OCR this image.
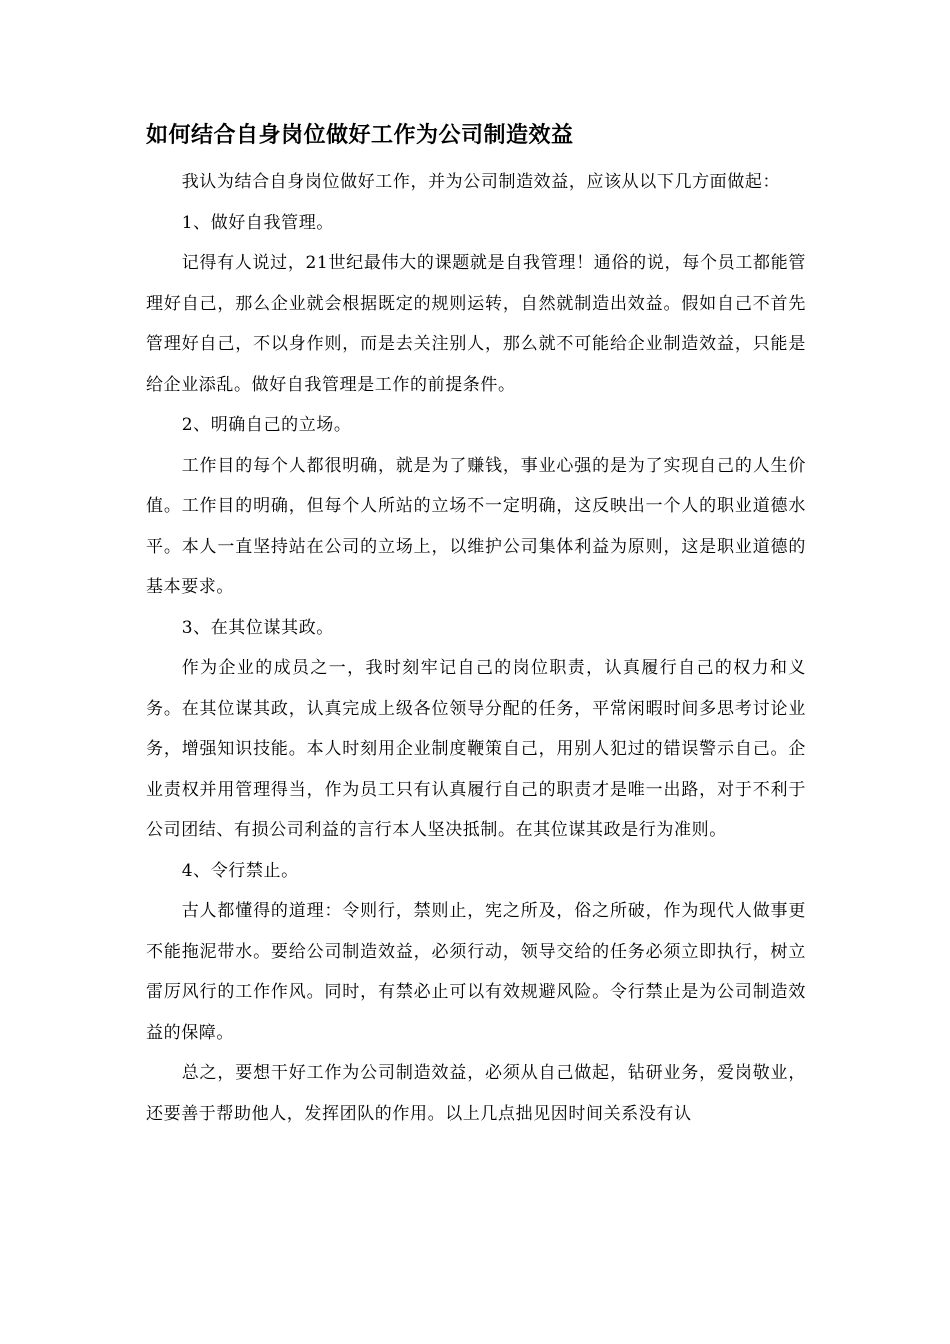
如何结合自身岗位做好工作为公司制造效益

我认为结合自身岗位做好工作，并为公司制造效益，应该从以下几方面做起：

1、做好自我管理。

记得有人说过，21世纪最伟大的课题就是自我管理！通俗的说，每个员工都能管理好自己，那么企业就会根据既定的规则运转，自然就制造出效益。假如自己不首先管理好自己，不以身作则，而是去关注别人，那么就不可能给企业制造效益，只能是给企业添乱。做好自我管理是工作的前提条件。

2、明确自己的立场。

工作目的每个人都很明确，就是为了赚钱，事业心强的是为了实现自己的人生价值。工作目的明确，但每个人所站的立场不一定明确，这反映出一个人的职业道德水平。本人一直坚持站在公司的立场上，以维护公司集体利益为原则，这是职业道德的基本要求。

3、在其位谋其政。

作为企业的成员之一，我时刻牢记自己的岗位职责，认真履行自己的权力和义务。在其位谋其政，认真完成上级各位领导分配的任务，平常闲暇时间多思考讨论业务，增强知识技能。本人时刻用企业制度鞭策自己，用别人犯过的错误警示自己。企业责权并用管理得当，作为员工只有认真履行自己的职责才是唯一出路，对于不利于公司团结、有损公司利益的言行本人坚决抵制。在其位谋其政是行为准则。

4、令行禁止。

古人都懂得的道理：令则行，禁则止，宪之所及，俗之所破，作为现代人做事更不能拖泥带水。要给公司制造效益，必须行动，领导交给的任务必须立即执行，树立雷厉风行的工作作风。同时，有禁必止可以有效规避风险。令行禁止是为公司制造效益的保障。

总之，要想干好工作为公司制造效益，必须从自己做起，钻研业务，爱岗敬业，还要善于帮助他人，发挥团队的作用。以上几点拙见因时间关系没有认
